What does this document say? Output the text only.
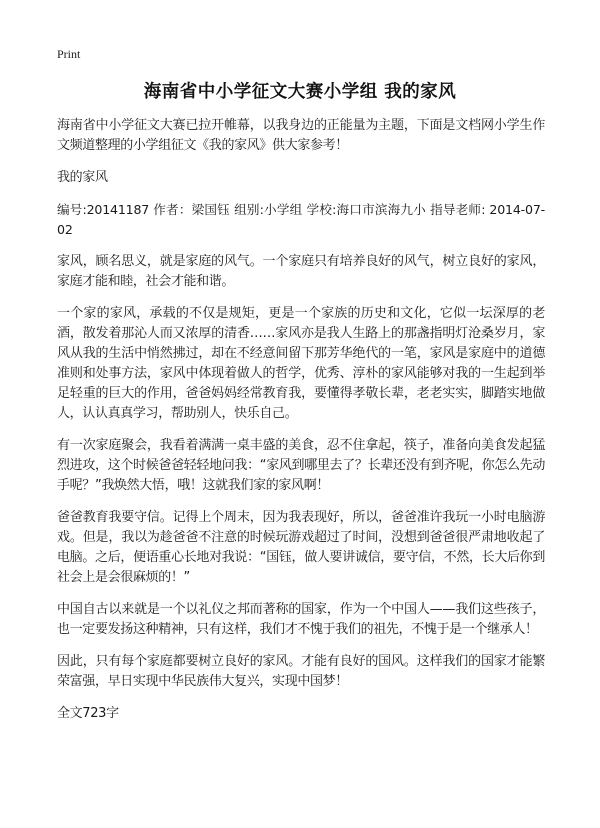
Print
海南省中小学征文大赛小学组 我的家风

海南省中小学征文大赛已拉开帷幕，以我身边的正能量为主题，下面是文档网小学生作文频道整理的小学组征文《我的家风》供大家参考！

我的家风

编号:20141187 作者：梁国钰 组别:小学组 学校:海口市滨海九小 指导老师: 2014-07-02

家风，顾名思义，就是家庭的风气。一个家庭只有培养良好的风气，树立良好的家风，家庭才能和睦，社会才能和谐。

一个家的家风，承载的不仅是规矩，更是一个家族的历史和文化，它似一坛深厚的老酒，散发着那沁人而又浓厚的清香……家风亦是我人生路上的那盏指明灯沧桑岁月，家风从我的生活中悄然拂过，却在不经意间留下那芳华绝代的一笔，家风是家庭中的道德准则和处事方法，家风中体现着做人的哲学，优秀、淳朴的家风能够对我的一生起到举足轻重的巨大的作用，爸爸妈妈经常教育我，要懂得孝敬长辈，老老实实，脚踏实地做人，认认真真学习，帮助别人，快乐自己。

有一次家庭聚会，我看着满满一桌丰盛的美食，忍不住拿起，筷子，准备向美食发起猛烈进攻，这个时候爸爸轻轻地问我：“家风到哪里去了？长辈还没有到齐呢，你怎么先动手呢？”我焕然大悟，哦！这就我们家的家风啊！

爸爸教育我要守信。记得上个周末，因为我表现好，所以，爸爸准许我玩一小时电脑游戏。但是，我以为趁爸爸不注意的时候玩游戏超过了时间，没想到爸爸很严肃地收起了电脑。之后，便语重心长地对我说：“国钰，做人要讲诚信，要守信，不然，长大后你到社会上是会很麻烦的！”

中国自古以来就是一个以礼仪之邦而著称的国家，作为一个中国人——我们这些孩子，也一定要发扬这种精神，只有这样，我们才不愧于我们的祖先，不愧于是一个继承人！

因此，只有每个家庭都要树立良好的家风。才能有良好的国风。这样我们的国家才能繁荣富强，早日实现中华民族伟大复兴，实现中国梦！

全文723字
